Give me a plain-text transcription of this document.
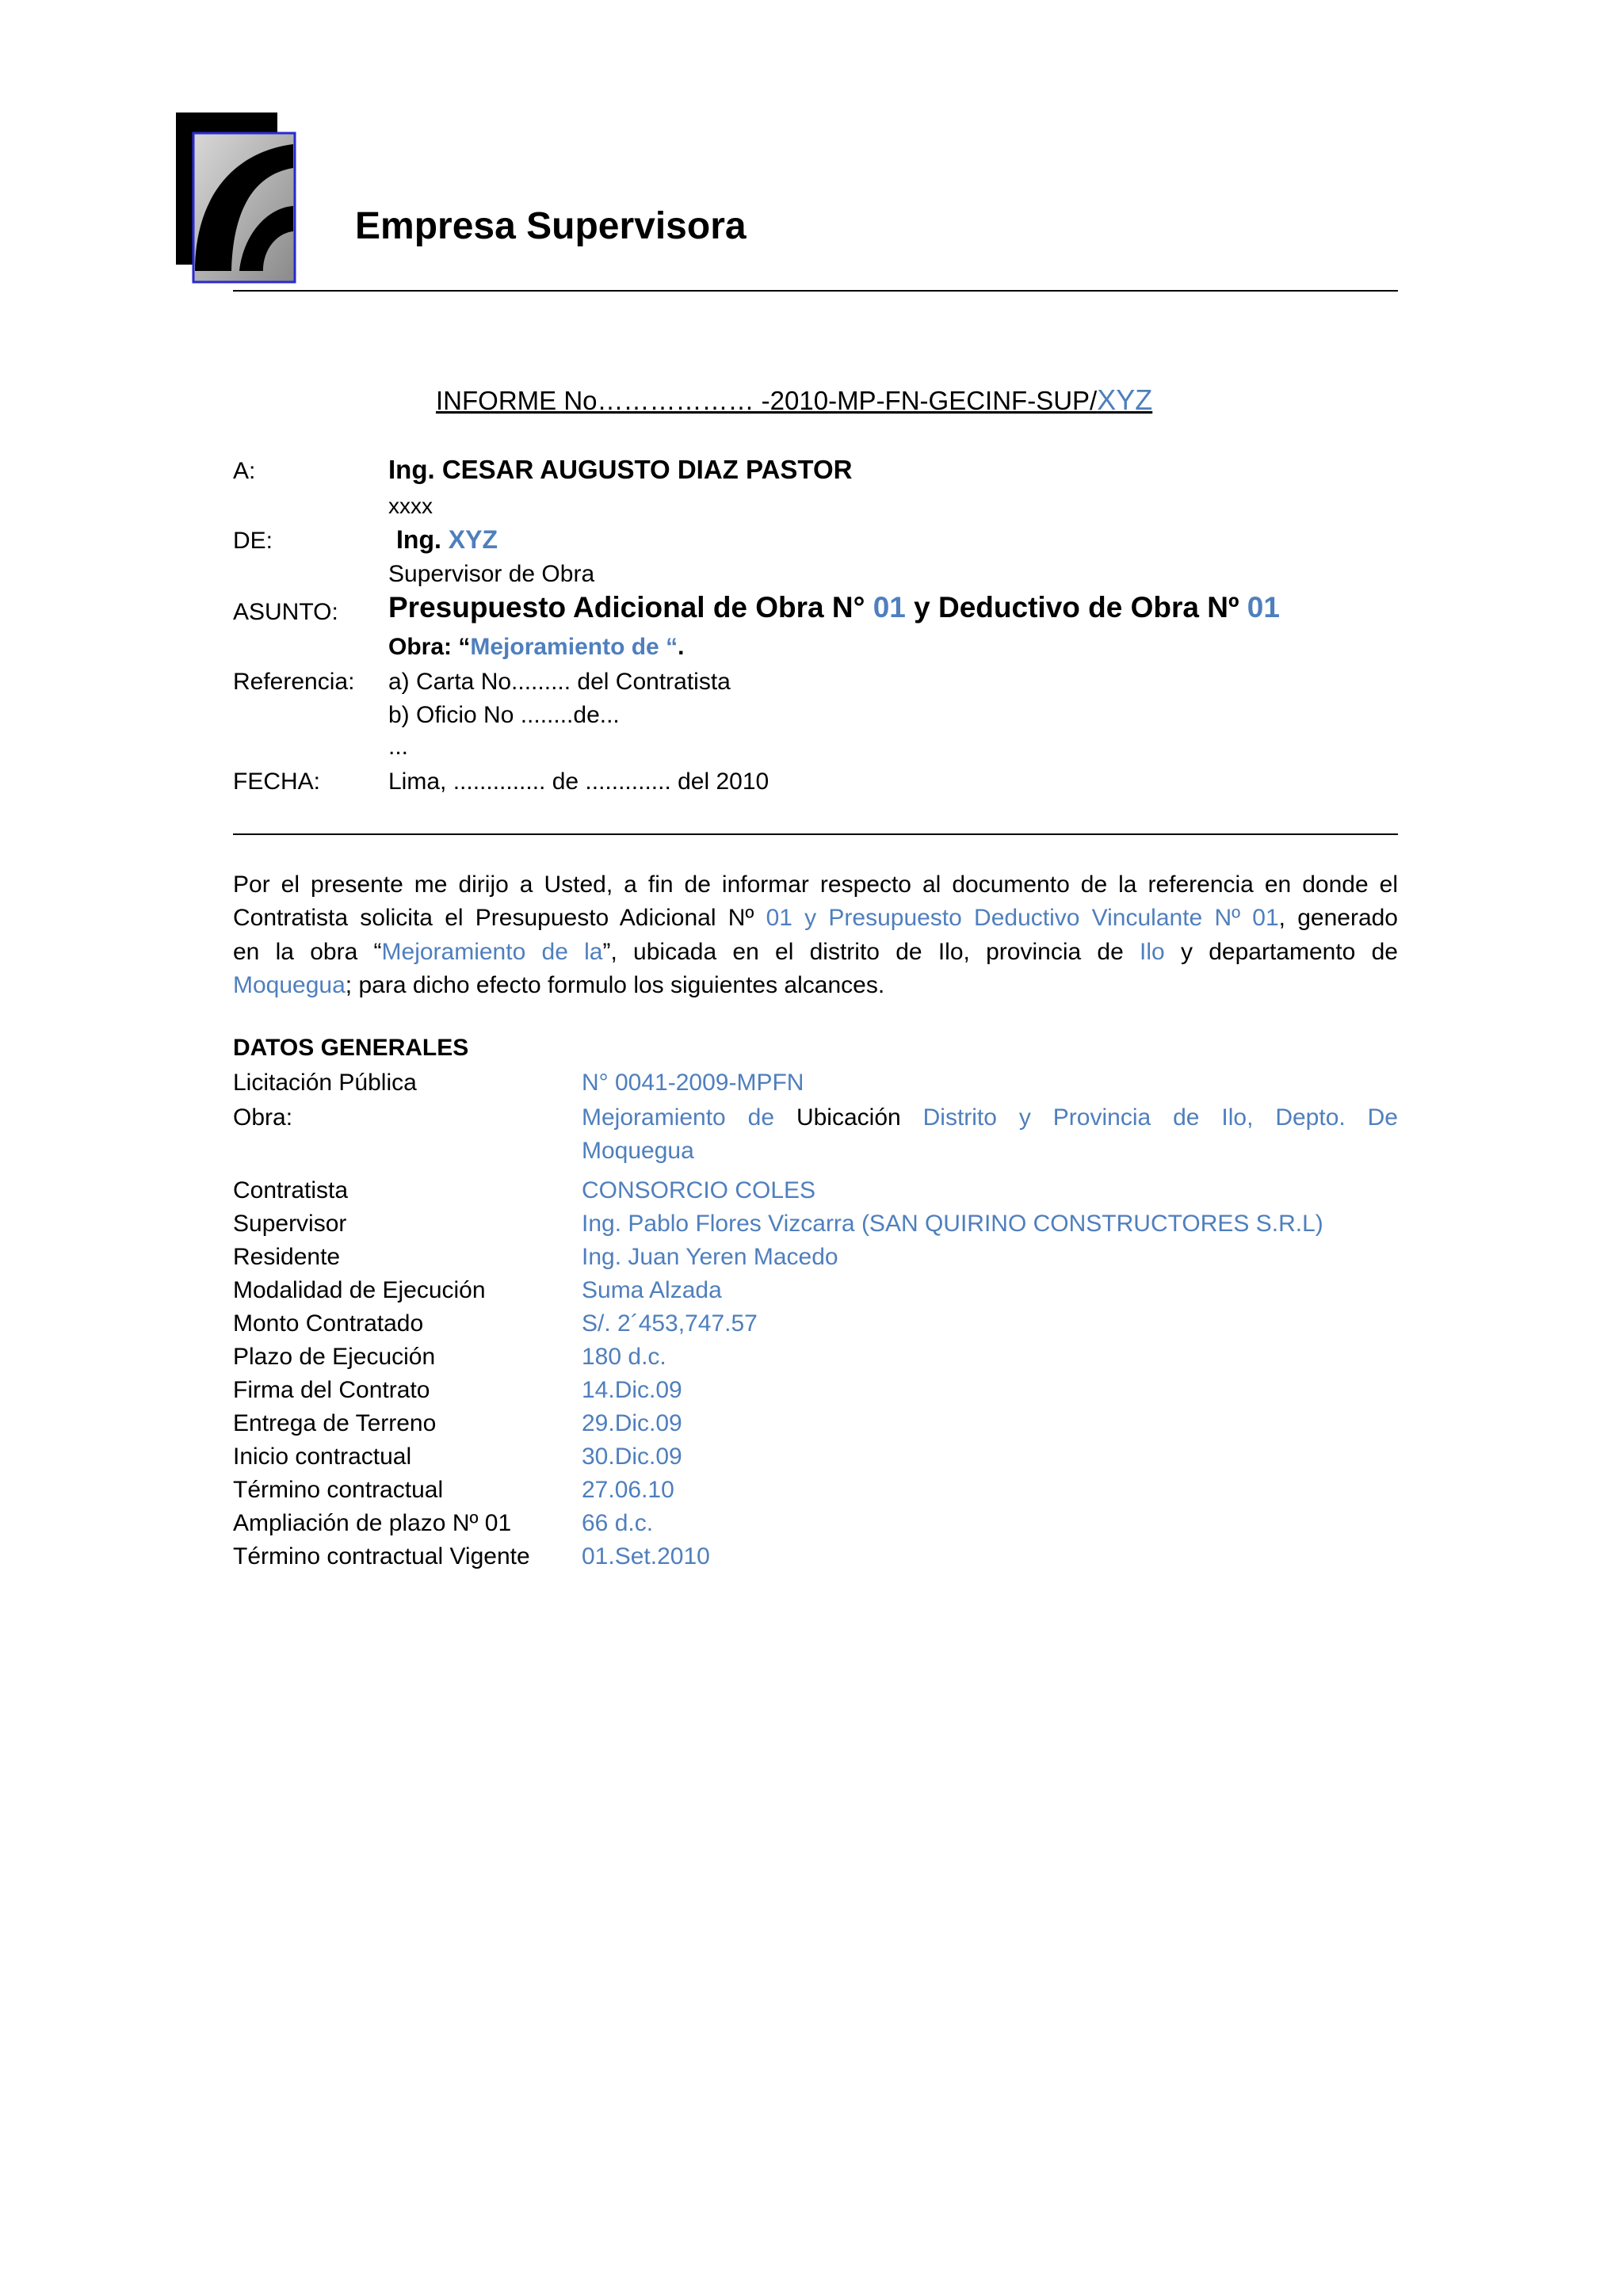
Empresa Supervisora
INFORME No……………… -2010-MP-FN-GECINF-SUP/XYZ
A:	Ing. CESAR AUGUSTO DIAZ PASTOR
xxxx
DE:	Ing. XYZ
Supervisor de Obra
ASUNTO: Presupuesto Adicional de Obra N° 01 y Deductivo de Obra Nº 01
Obra: “Mejoramiento de “.
Referencia: a) Carta No......... del Contratista
b) Oficio No ........de...
...
FECHA:	Lima, .............. de ............. del 2010
Por el presente me dirijo a Usted, a fin de informar respecto al documento de la referencia en donde el
Contratista solicita el Presupuesto Adicional Nº 01 y Presupuesto Deductivo Vinculante Nº 01, generado
en la obra “Mejoramiento de la”, ubicada en el distrito de Ilo, provincia de Ilo y departamento de
Moquegua; para dicho efecto formulo los siguientes alcances.
DATOS GENERALES
Licitación Pública	N° 0041-2009-MPFN
Obra:	Mejoramiento de Ubicación Distrito y Provincia de Ilo, Depto. De
Moquegua
Contratista	CONSORCIO COLES
Supervisor	Ing. Pablo Flores Vizcarra (SAN QUIRINO CONSTRUCTORES S.R.L)
Residente	Ing. Juan Yeren Macedo
Modalidad de Ejecución	Suma Alzada
Monto Contratado	S/. 2´453,747.57
Plazo de Ejecución	180 d.c.
Firma del Contrato	14.Dic.09
Entrega de Terreno	29.Dic.09
Inicio contractual	30.Dic.09
Término contractual	27.06.10
Ampliación de plazo Nº 01	66 d.c.
Término contractual Vigente 01.Set.2010
